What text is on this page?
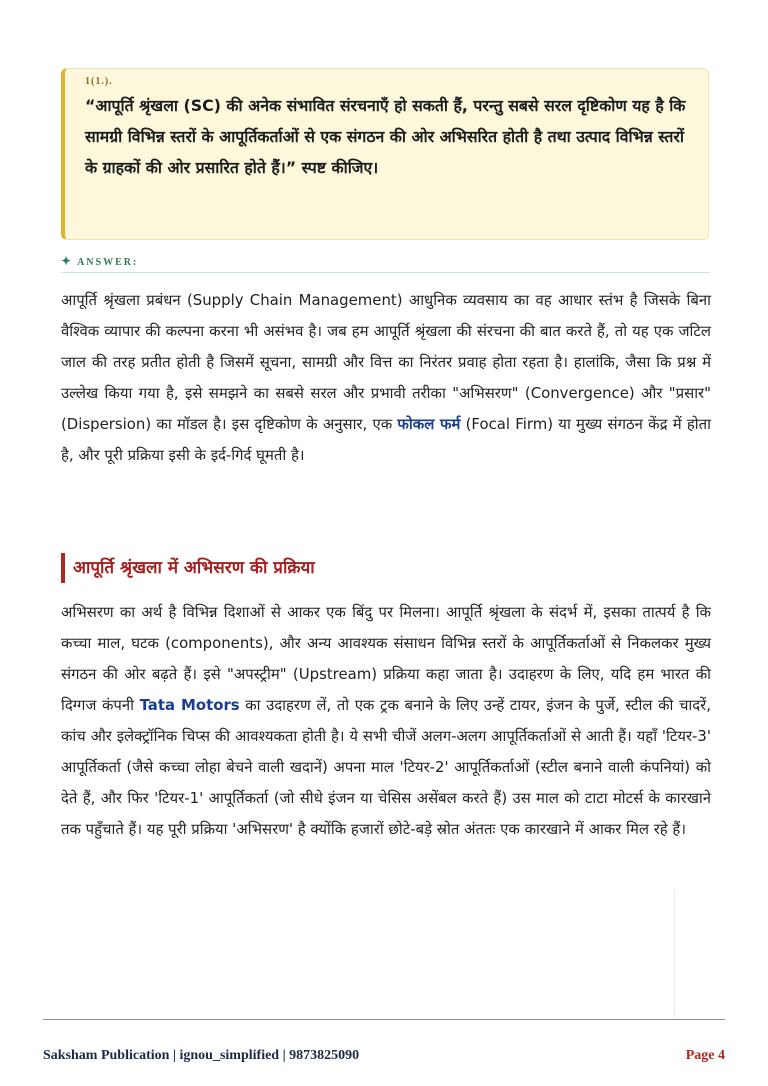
1(1.).

“आपूर्ति श्रृंखला (SC) की अनेक संभावित संरचनाएँ हो सकती हैं, परन्तु सबसे सरल दृष्टिकोण यह है कि सामग्री विभिन्न स्तरों के आपूर्तिकर्ताओं से एक संगठन की ओर अभिसरित होती है तथा उत्पाद विभिन्न स्तरों के ग्राहकों की ओर प्रसारित होते हैं।” स्पष्ट कीजिए।

✦ ANSWER:

आपूर्ति श्रृंखला प्रबंधन (Supply Chain Management) आधुनिक व्यवसाय का वह आधार स्तंभ है जिसके बिना वैश्विक व्यापार की कल्पना करना भी असंभव है। जब हम आपूर्ति श्रृंखला की संरचना की बात करते हैं, तो यह एक जटिल जाल की तरह प्रतीत होती है जिसमें सूचना, सामग्री और वित्त का निरंतर प्रवाह होता रहता है। हालांकि, जैसा कि प्रश्न में उल्लेख किया गया है, इसे समझने का सबसे सरल और प्रभावी तरीका "अभिसरण" (Convergence) और "प्रसार" (Dispersion) का मॉडल है। इस दृष्टिकोण के अनुसार, एक फोकल फर्म (Focal Firm) या मुख्य संगठन केंद्र में होता है, और पूरी प्रक्रिया इसी के इर्द-गिर्द घूमती है।

आपूर्ति श्रृंखला में अभिसरण की प्रक्रिया

अभिसरण का अर्थ है विभिन्न दिशाओं से आकर एक बिंदु पर मिलना। आपूर्ति श्रृंखला के संदर्भ में, इसका तात्पर्य है कि कच्चा माल, घटक (components), और अन्य आवश्यक संसाधन विभिन्न स्तरों के आपूर्तिकर्ताओं से निकलकर मुख्य संगठन की ओर बढ़ते हैं। इसे "अपस्ट्रीम" (Upstream) प्रक्रिया कहा जाता है। उदाहरण के लिए, यदि हम भारत की दिग्गज कंपनी Tata Motors का उदाहरण लें, तो एक ट्रक बनाने के लिए उन्हें टायर, इंजन के पुर्जे, स्टील की चादरें, कांच और इलेक्ट्रॉनिक चिप्स की आवश्यकता होती है। ये सभी चीजें अलग-अलग आपूर्तिकर्ताओं से आती हैं। यहाँ 'टियर-3' आपूर्तिकर्ता (जैसे कच्चा लोहा बेचने वाली खदानें) अपना माल 'टियर-2' आपूर्तिकर्ताओं (स्टील बनाने वाली कंपनियां) को देते हैं, और फिर 'टियर-1' आपूर्तिकर्ता (जो सीधे इंजन या चेसिस असेंबल करते हैं) उस माल को टाटा मोटर्स के कारखाने तक पहुँचाते हैं। यह पूरी प्रक्रिया 'अभिसरण' है क्योंकि हजारों छोटे-बड़े स्रोत अंततः एक कारखाने में आकर मिल रहे हैं।

Saksham Publication | ignou_simplified | 9873825090	Page 4
